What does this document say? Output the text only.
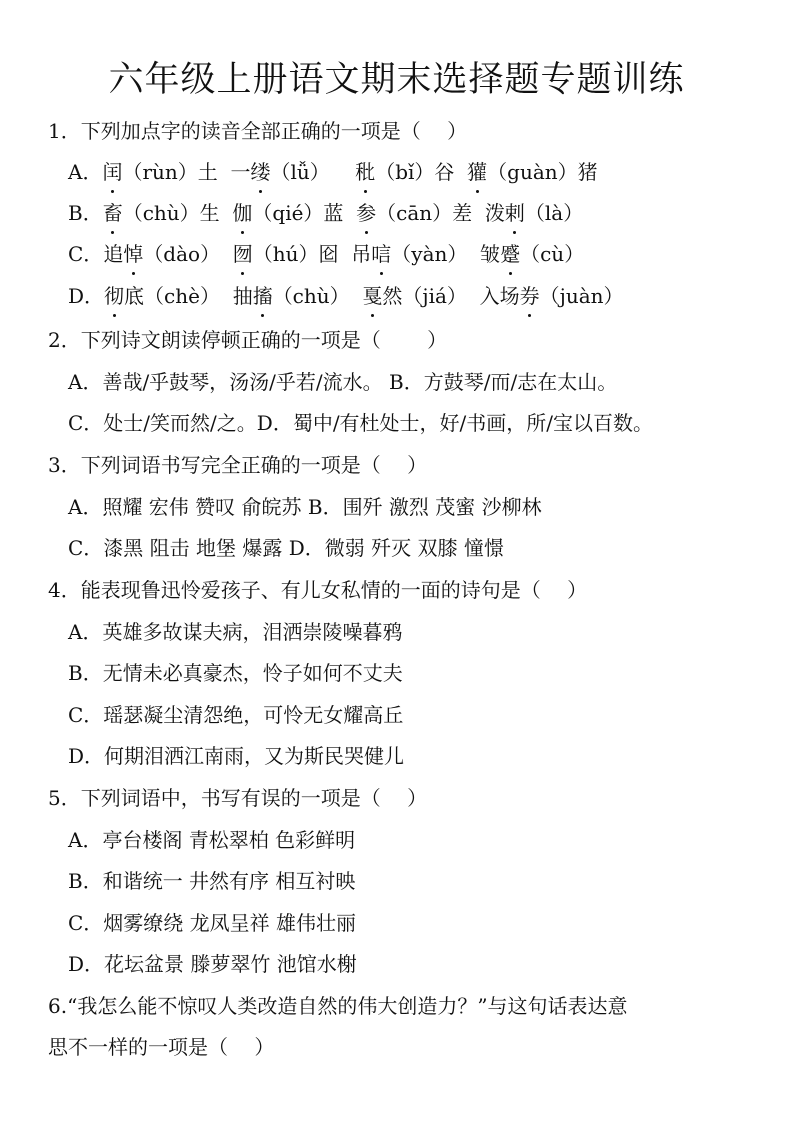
六年级上册语文期末选择题专题训练
1．下列加点字的读音全部正确的一项是（　 ）
A．闰（rùn）土  一缕（lǚ）    秕（bǐ）谷  獾（guàn）猪
B．畜（chù）生  伽（qié）蓝  参（cān）差  泼剌（là）
C．追悼（dào）  囫（hú）囵  吊唁（yàn）  皱蹙（cù）
D．彻底（chè）  抽搐（chù）  戛然（jiá）  入场券（juàn）
2．下列诗文朗读停顿正确的一项是（　　 ）
A．善哉/乎鼓琴，汤汤/乎若/流水。 B．方鼓琴/而/志在太山。
C．处士/笑而然/之。D．蜀中/有杜处士，好/书画，所/宝以百数。
3．下列词语书写完全正确的一项是（　 ）
A．照耀 宏伟 赞叹 俞皖苏 B．围歼 激烈 茂蜜 沙柳林
C．漆黑 阻击 地堡 爆露 D．微弱 歼灭 双膝 憧憬
4．能表现鲁迅怜爱孩子、有儿女私情的一面的诗句是（　 ）
A．英雄多故谋夫病，泪洒崇陵噪暮鸦
B．无情未必真豪杰，怜子如何不丈夫
C．瑶瑟凝尘清怨绝，可怜无女耀高丘
D．何期泪洒江南雨，又为斯民哭健儿
5．下列词语中，书写有误的一项是（　 ）
A．亭台楼阁 青松翠柏 色彩鲜明
B．和谐统一 井然有序 相互衬映
C．烟雾缭绕 龙凤呈祥 雄伟壮丽
D．花坛盆景 滕萝翠竹 池馆水榭
6.“我怎么能不惊叹人类改造自然的伟大创造力？”与这句话表达意
思不一样的一项是（　 ）
